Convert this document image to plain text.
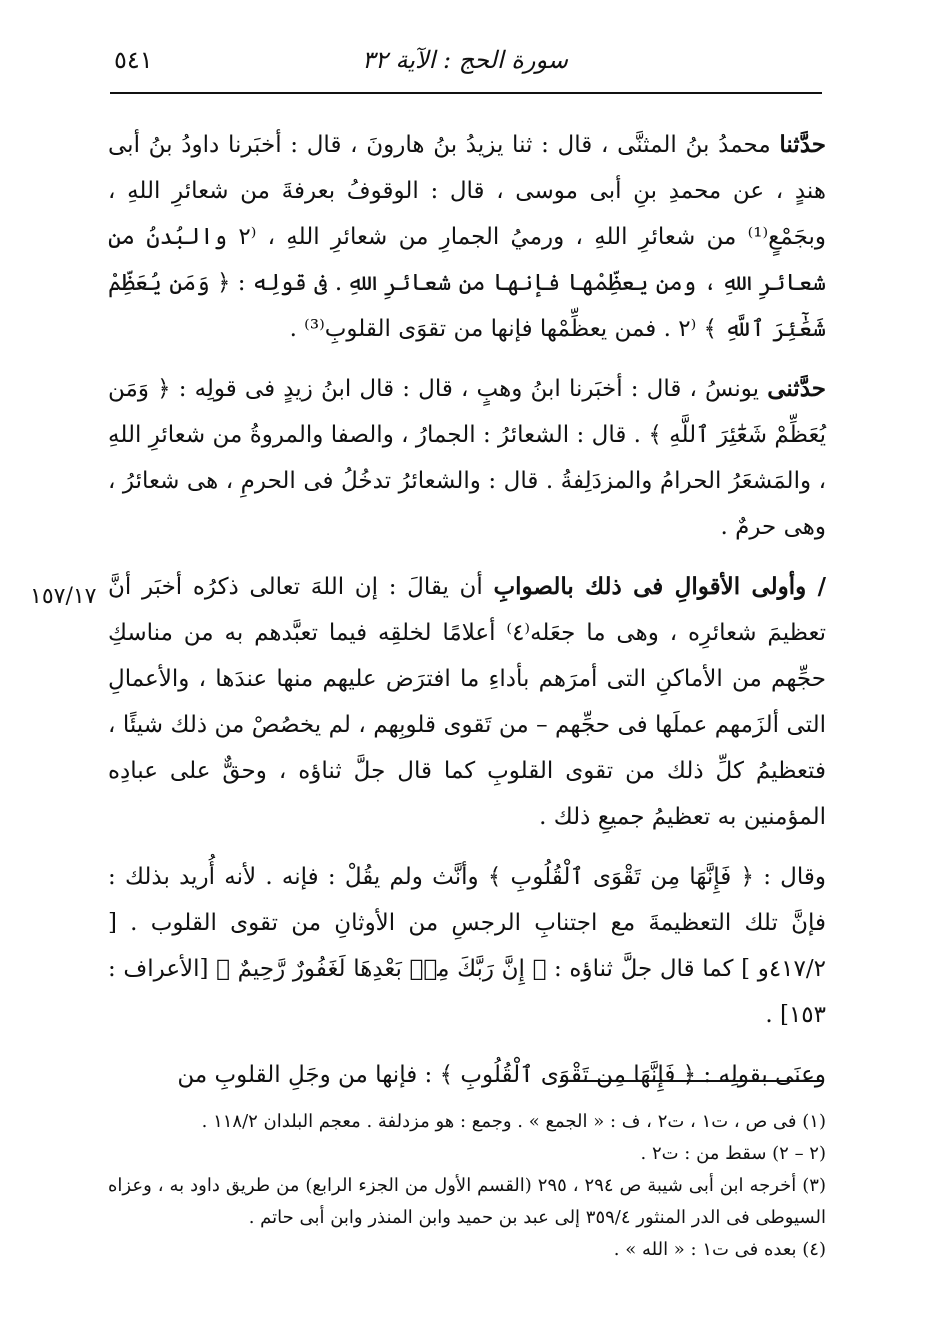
٥٤١	سورة الحج : الآية ٣٢
١٥٧/١٧

حدَّثنا محمدُ بنُ المثنَّى ، قال : ثنا يزيدُ بنُ هارونَ ، قال : أخبَرنا داودُ بنُ أبى هندٍ ، عن محمدِ بنِ أبى موسى ، قال : الوقوفُ بعرفةَ من شعائرِ اللهِ ، وبجَمْعٍ⁽¹⁾ من شعائرِ اللهِ ، ورميُ الجمارِ من شعائرِ اللهِ ، ⁽٢ والبُدنُ من شعائرِ اللهِ ، ومن يعظِّمْها فإنها من شعائرِ اللهِ . فى قولِه : ﴿ وَمَن يُعَظِّمْ شَعَٰٓئِرَ ٱللَّهِ ﴾ ⁽٢ . فمن يعظِّمْها فإنها من تقوَى القلوبِ⁽³⁾ .

حدَّثنى يونسُ ، قال : أخبَرنا ابنُ وهبٍ ، قال : قال ابنُ زيدٍ فى قولِه : ﴿ وَمَن يُعَظِّمْ شَعَٰٓئِرَ ٱللَّهِ ﴾ . قال : الشعائرُ : الجمارُ ، والصفا والمروةُ من شعائرِ اللهِ ، والمَشعَرُ الحرامُ والمزدَلِفةُ . قال : والشعائرُ تدخُلُ فى الحرمِ ، هى شعائرُ ، وهى حرمٌ .

/ وأولى الأقوالِ فى ذلك بالصوابِ أن يقالَ : إن اللهَ تعالى ذكرُه أخبَر أنَّ تعظيمَ شعائرِه ، وهى ما جعَله⁽٤⁾ أعلامًا لخلقِه فيما تعبَّدهم به من مناسكِ حجِّهم من الأماكنِ التى أمرَهم بأداءِ ما افترَض عليهم منها عندَها ، والأعمالِ التى ألزَمهم عملَها فى حجِّهم – من تَقوى قلوبِهم ، لم يخصُصْ من ذلك شيئًا ، فتعظيمُ كلِّ ذلك من تقوى القلوبِ كما قال جلَّ ثناؤه ، وحقٌّ على عبادِه المؤمنين به تعظيمُ جميعِ ذلك .

وقال : ﴿ فَإِنَّهَا مِن تَقْوَى ٱلْقُلُوبِ ﴾ وأنَّث ولم يقُلْ : فإنه . لأنه أُريد بذلك : فإنَّ تلك التعظيمةَ مع اجتنابِ الرجسِ من الأوثانِ من تقوى القلوب . [ ٤١٧/٢و ] كما قال جلَّ ثناؤه : ﴿ إِنَّ رَبَّكَ مِنۢ بَعْدِهَا لَغَفُورٌ رَّحِيمٌ ﴾ [الأعراف : ١٥٣] .

وعنَى بقولِه : ﴿ فَإِنَّهَا مِن تَقْوَى ٱلْقُلُوبِ ﴾ : فإنها من وجَلِ القلوبِ من

(١) فى ص ، ت١ ، ت٢ ، ف : « الجمع » . وجمع : هو مزدلفة . معجم البلدان ١١٨/٢ .

(٢ – ٢) سقط من : ت٢ .

(٣) أخرجه ابن أبى شيبة ص ٢٩٤ ، ٢٩٥ (القسم الأول من الجزء الرابع) من طريق داود به ، وعزاه السيوطى فى الدر المنثور ٣٥٩/٤ إلى عبد بن حميد وابن المنذر وابن أبى حاتم .

(٤) بعده فى ت١ : « الله » .
